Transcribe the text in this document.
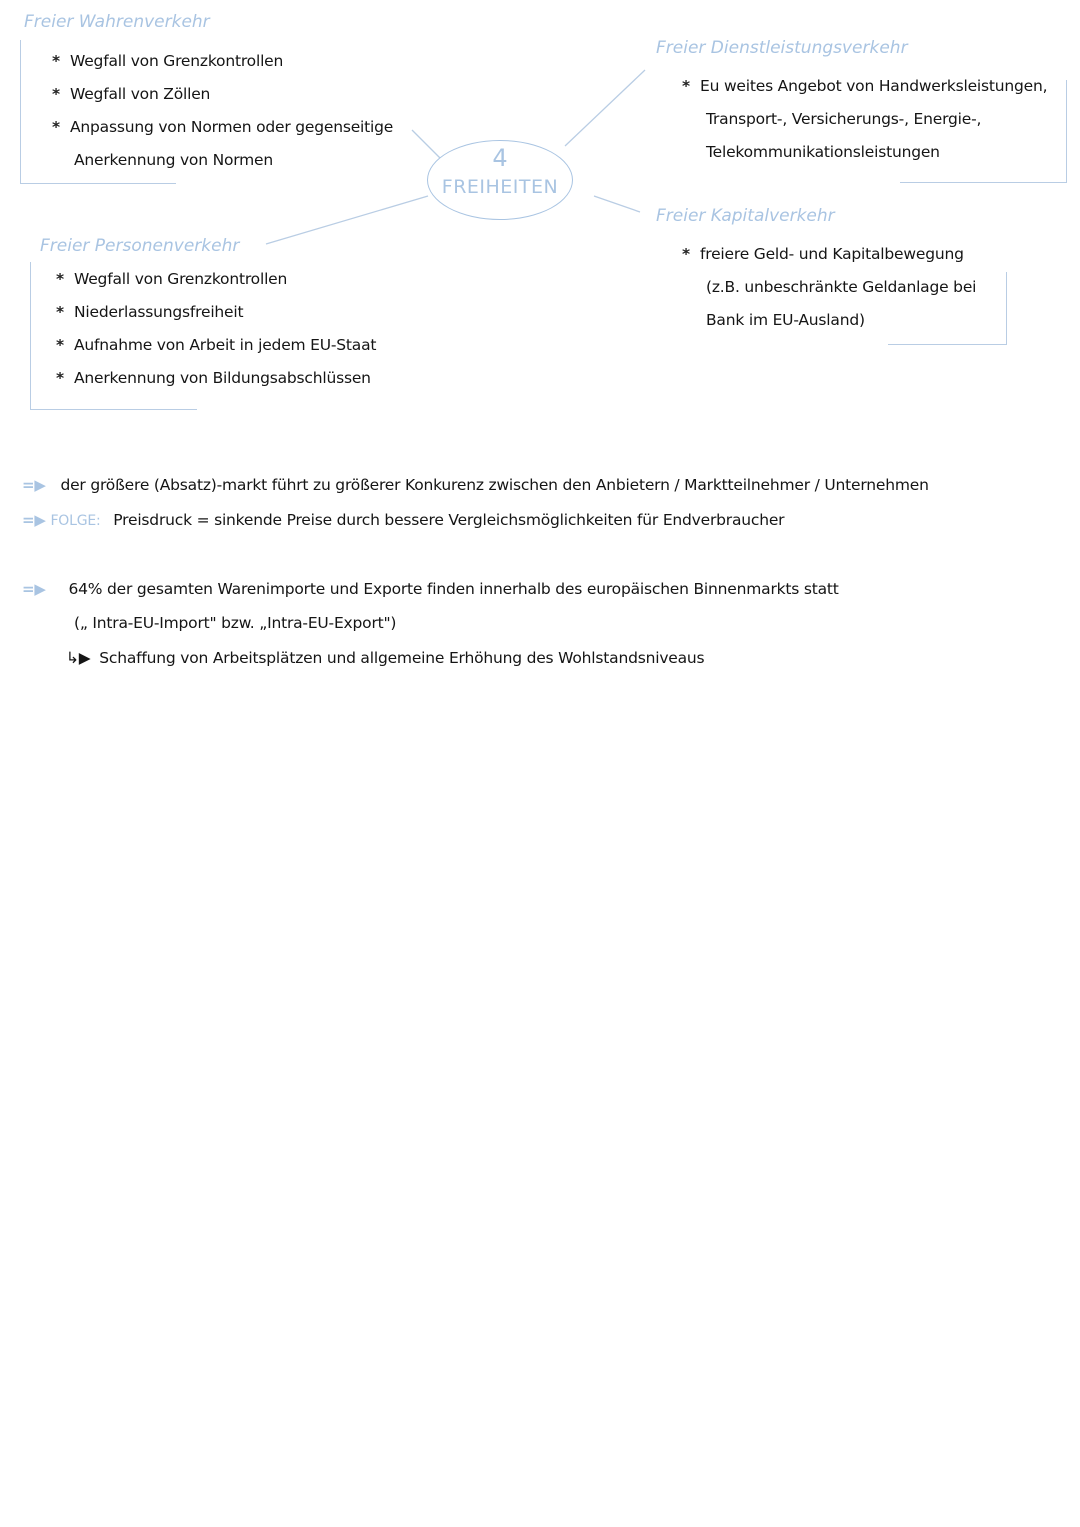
4
FREIHEITEN
Freier Wahrenverkehr
* Wegfall von Grenzkontrollen
* Wegfall von Zöllen
* Anpassung von Normen oder gegenseitige
Anerkennung von Normen
Freier Dienstleistungsverkehr
* Eu weites Angebot von Handwerksleistungen,
Transport-, Versicherungs-, Energie-,
Telekommunikationsleistungen
Freier Personenverkehr
* Wegfall von Grenzkontrollen
* Niederlassungsfreiheit
* Aufnahme von Arbeit in jedem EU-Staat
* Anerkennung von Bildungsabschlüssen
Freier Kapitalverkehr
* freiere Geld- und Kapitalbewegung
(z.B. unbeschränkte Geldanlage bei
Bank im EU-Ausland)
=▶ der größere (Absatz)-markt führt zu größerer Konkurenz zwischen den Anbietern / Marktteilnehmer / Unternehmen
=▶ FOLGE: Preisdruck = sinkende Preise durch bessere Vergleichsmöglichkeiten für Endverbraucher
=▶ 64% der gesamten Warenimporte und Exporte finden innerhalb des europäischen Binnenmarkts statt
(„ Intra-EU-Import" bzw. „Intra-EU-Export")
↳▶ Schaffung von Arbeitsplätzen und allgemeine Erhöhung des Wohlstandsniveaus
